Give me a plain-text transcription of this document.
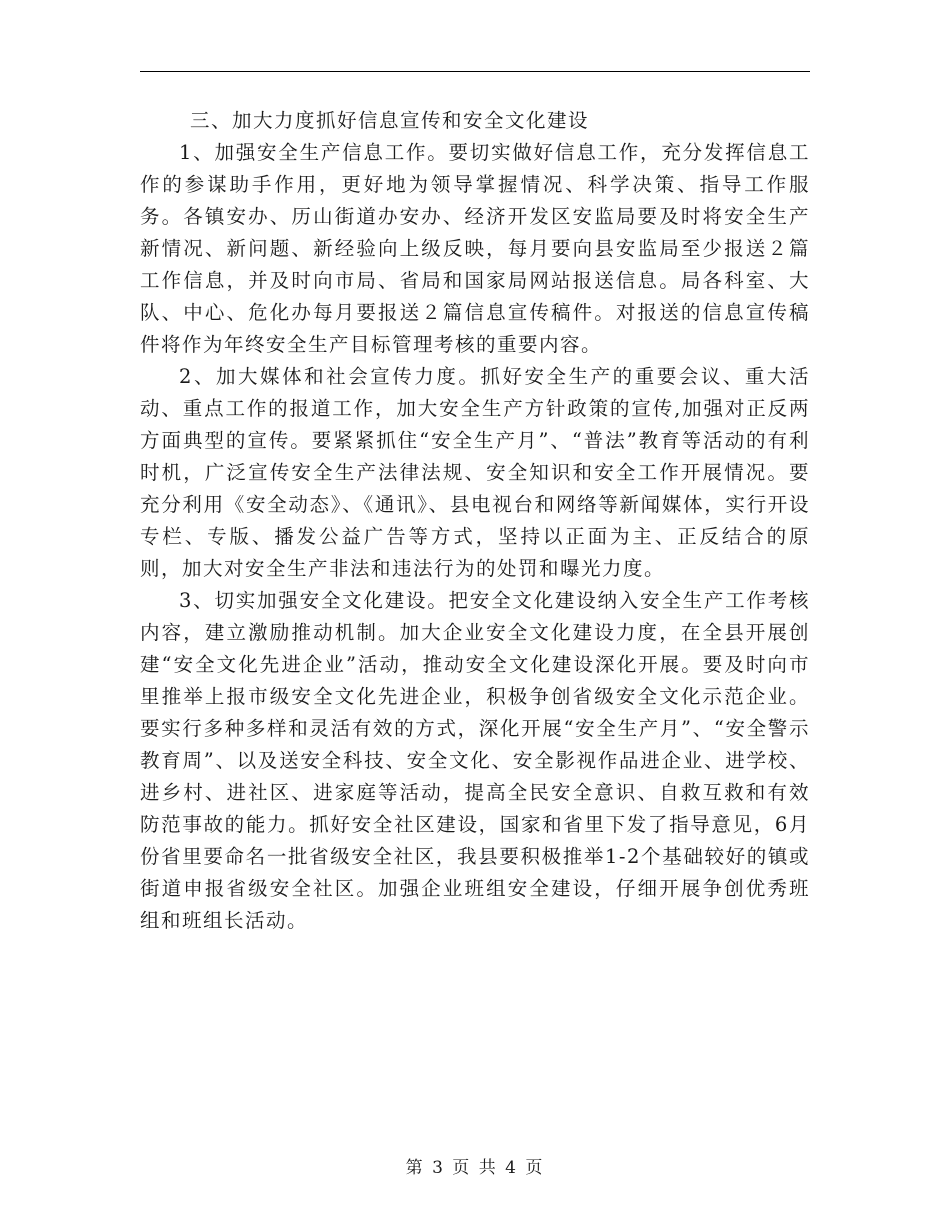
三、加大力度抓好信息宣传和安全文化建设

1、加强安全生产信息工作。要切实做好信息工作，充分发挥信息工作的参谋助手作用，更好地为领导掌握情况、科学决策、指导工作服务。各镇安办、历山街道办安办、经济开发区安监局要及时将安全生产新情况、新问题、新经验向上级反映，每月要向县安监局至少报送２篇工作信息，并及时向市局、省局和国家局网站报送信息。局各科室、大队、中心、危化办每月要报送２篇信息宣传稿件。对报送的信息宣传稿件将作为年终安全生产目标管理考核的重要内容。

2、加大媒体和社会宣传力度。抓好安全生产的重要会议、重大活动、重点工作的报道工作，加大安全生产方针政策的宣传,加强对正反两方面典型的宣传。要紧紧抓住“安全生产月”、“普法”教育等活动的有利时机，广泛宣传安全生产法律法规、安全知识和安全工作开展情况。要充分利用《安全动态》、《通讯》、县电视台和网络等新闻媒体，实行开设专栏、专版、播发公益广告等方式，坚持以正面为主、正反结合的原则，加大对安全生产非法和违法行为的处罚和曝光力度。

3、切实加强安全文化建设。把安全文化建设纳入安全生产工作考核内容，建立激励推动机制。加大企业安全文化建设力度，在全县开展创建“安全文化先进企业”活动，推动安全文化建设深化开展。要及时向市里推举上报市级安全文化先进企业，积极争创省级安全文化示范企业。要实行多种多样和灵活有效的方式，深化开展“安全生产月”、“安全警示教育周”、以及送安全科技、安全文化、安全影视作品进企业、进学校、进乡村、进社区、进家庭等活动，提高全民安全意识、自救互救和有效防范事故的能力。抓好安全社区建设，国家和省里下发了指导意见，6月份省里要命名一批省级安全社区，我县要积极推举1-2个基础较好的镇或街道申报省级安全社区。加强企业班组安全建设，仔细开展争创优秀班组和班组长活动。

第 3 页 共 4 页
